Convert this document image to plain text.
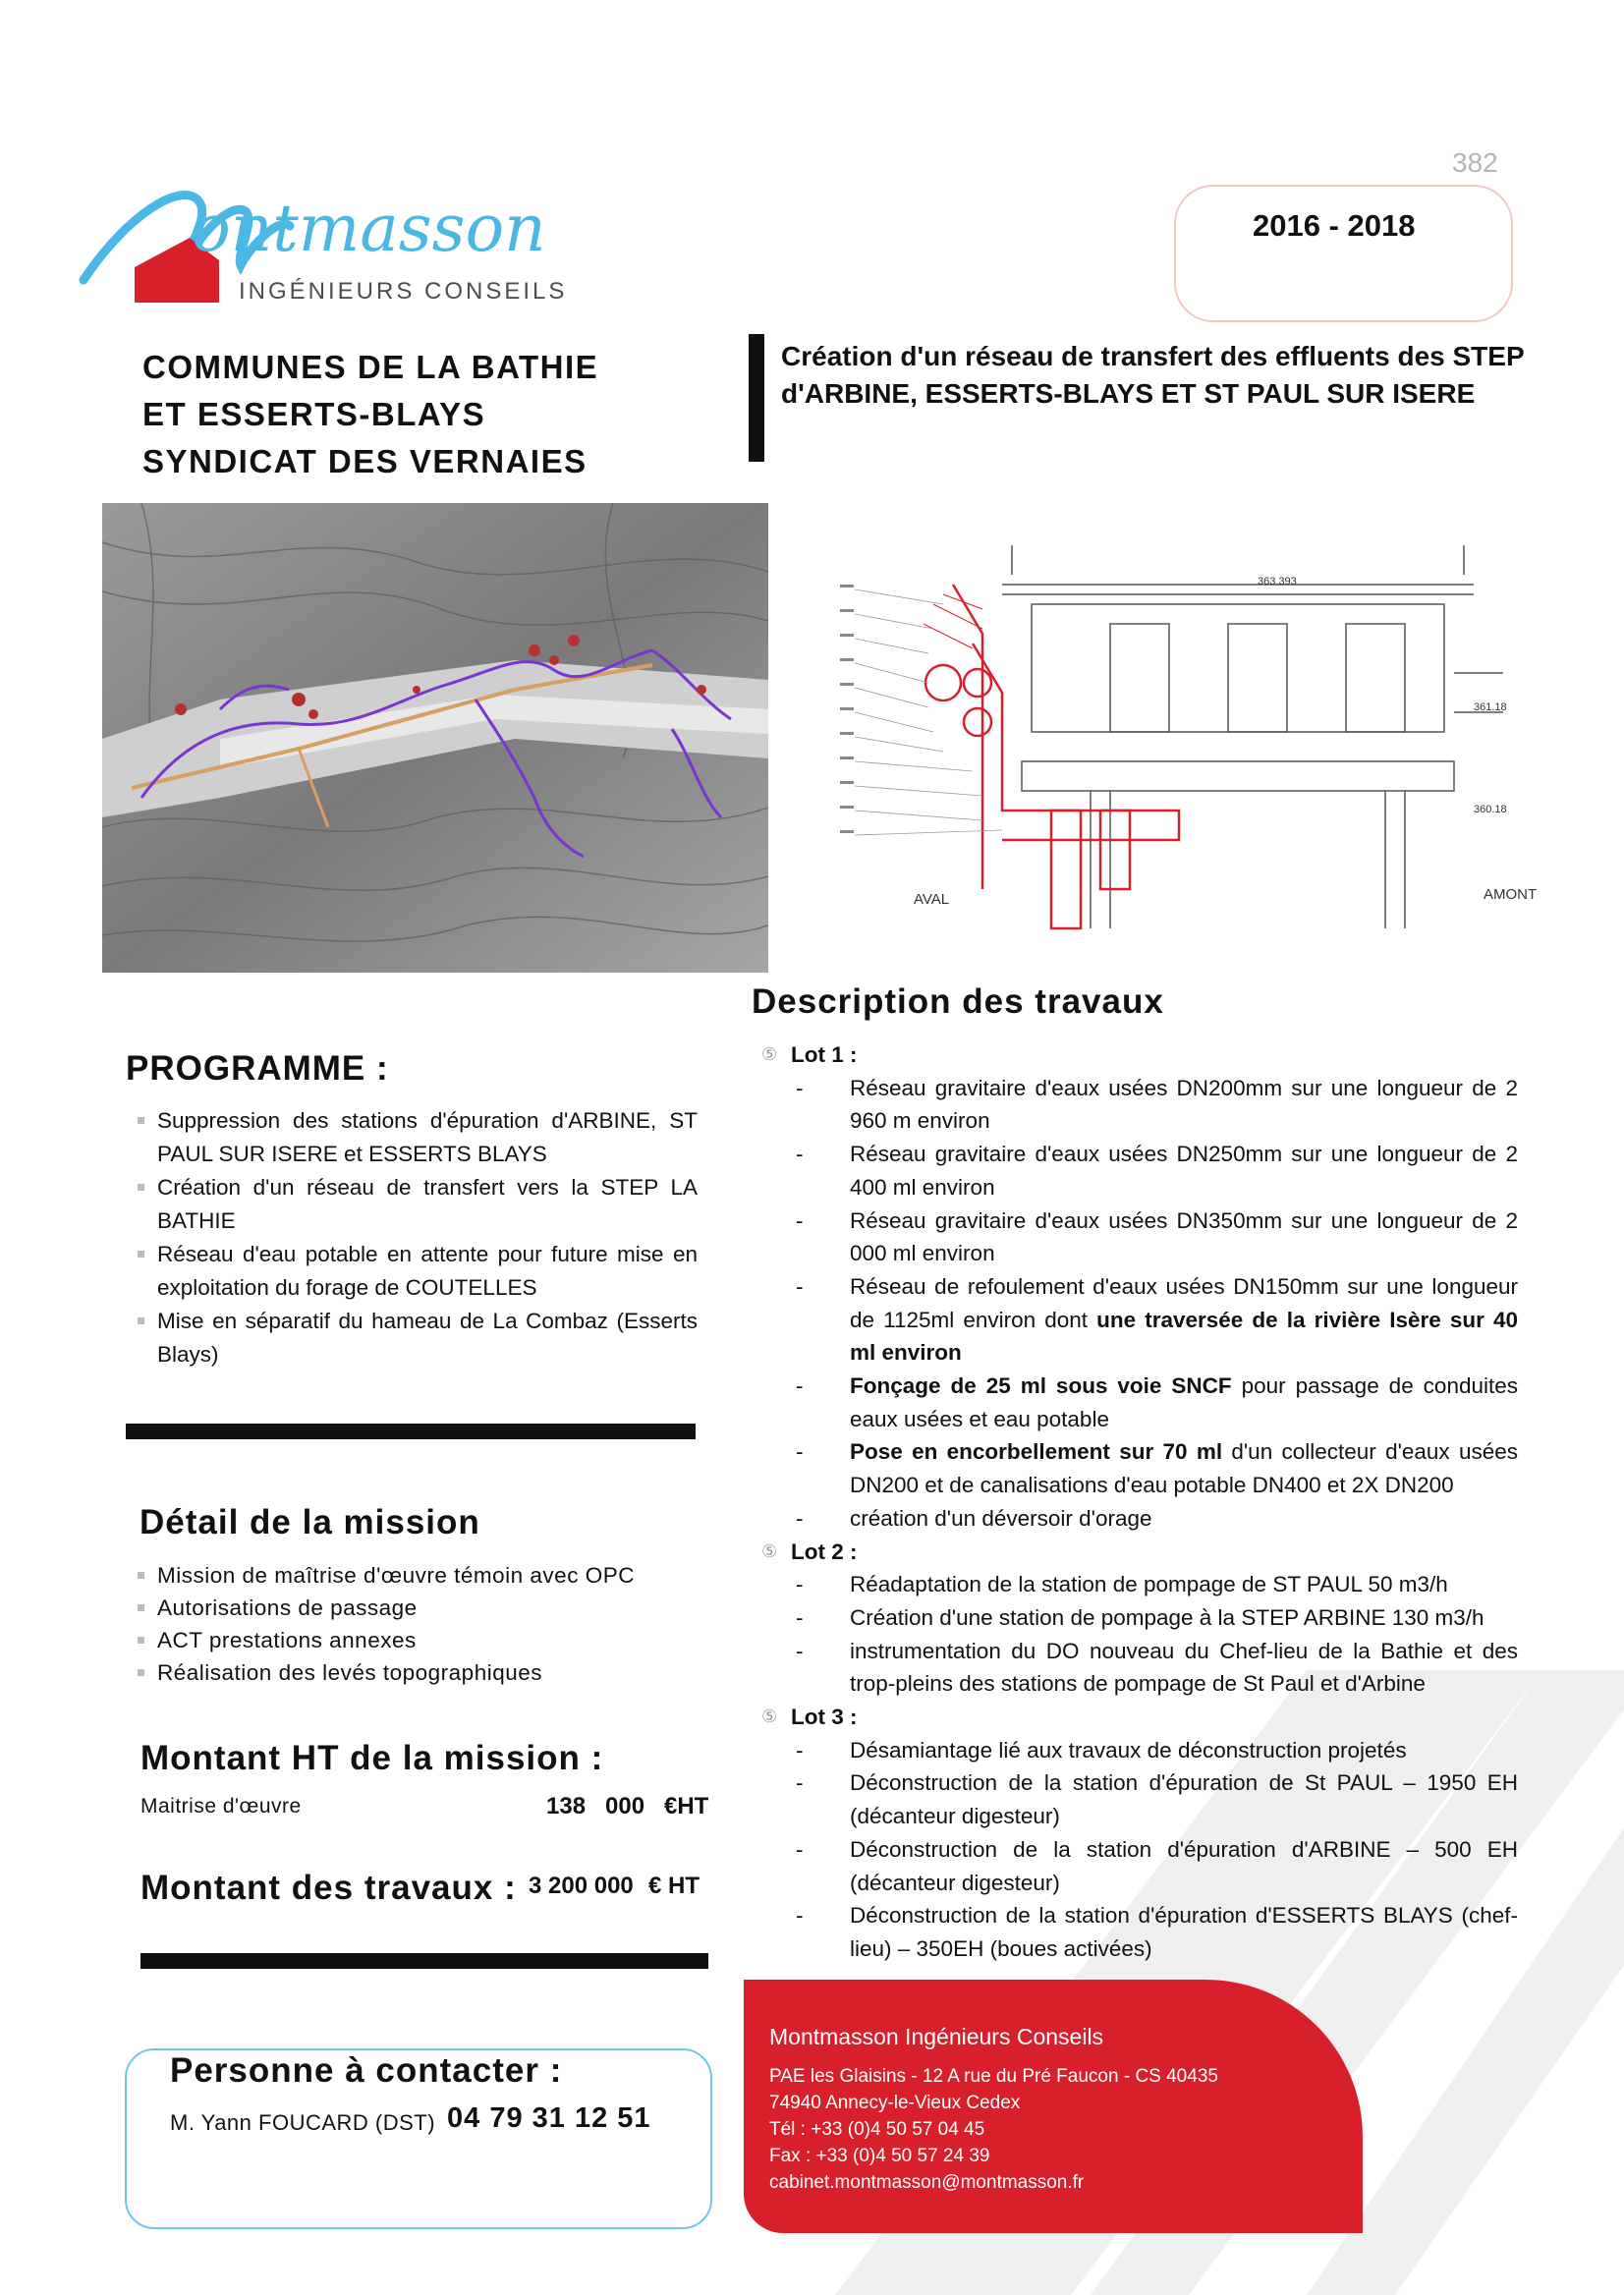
382
ontmasson
INGÉNIEURS CONSEILS
2016 - 2018
COMMUNES DE LA BATHIE
ET ESSERTS-BLAYS
SYNDICAT DES VERNAIES
Création d'un réseau de transfert des effluents des STEP d'ARBINE, ESSERTS-BLAYS ET ST PAUL SUR ISERE
363.393
361.18
360.18
AVAL	AMONT
Description des travaux
PROGRAMME :
Suppression des stations d'épuration d'ARBINE, ST PAUL SUR ISERE et ESSERTS BLAYS
Création d'un réseau de transfert vers la STEP LA BATHIE
Réseau d'eau potable en attente pour future mise en exploitation du forage de COUTELLES
Mise en séparatif du hameau de La Combaz (Esserts Blays)
Détail de la mission
Mission de maîtrise d'œuvre témoin avec OPC
Autorisations de passage
ACT prestations annexes
Réalisation des levés topographiques
Montant HT de la mission :
Maitrise d'œuvre	138   000 €HT
Montant des travaux : 3 200 000 € HT
Personne à contacter :
M. Yann FOUCARD (DST) 04 79 31 12 51
Montmasson Ingénieurs Conseils
PAE les Glaisins - 12 A rue du Pré Faucon - CS 40435
74940 Annecy-le-Vieux Cedex
Tél : +33 (0)4 50 57 04 45
Fax : +33 (0)4 50 57 24 39
cabinet.montmasson@montmasson.fr
⑤ Lot 1 :
- Réseau gravitaire d'eaux usées DN200mm sur une longueur de 2 960 m environ
- Réseau gravitaire d'eaux usées DN250mm sur une longueur de 2 400 ml environ
- Réseau gravitaire d'eaux usées DN350mm sur une longueur de 2 000 ml environ
- Réseau de refoulement d'eaux usées DN150mm sur une longueur de 1125ml environ dont une traversée de la rivière Isère sur 40 ml environ
- Fonçage de 25 ml sous voie SNCF pour passage de conduites eaux usées et eau potable
- Pose en encorbellement sur 70 ml d'un collecteur d'eaux usées DN200 et de canalisations d'eau potable DN400 et 2X DN200
- création d'un déversoir d'orage
⑤ Lot 2 :
- Réadaptation de la station de pompage de ST PAUL 50 m3/h
- Création d'une station de pompage à la STEP ARBINE 130 m3/h
- instrumentation du DO nouveau du Chef-lieu de la Bathie et des trop-pleins des stations de pompage de St Paul et d'Arbine
⑤ Lot 3 :
- Désamiantage lié aux travaux de déconstruction projetés
- Déconstruction de la station d'épuration de St PAUL – 1950 EH (décanteur digesteur)
- Déconstruction de la station d'épuration d'ARBINE – 500 EH (décanteur digesteur)
- Déconstruction de la station d'épuration d'ESSERTS BLAYS (chef-lieu) – 350EH (boues activées)
